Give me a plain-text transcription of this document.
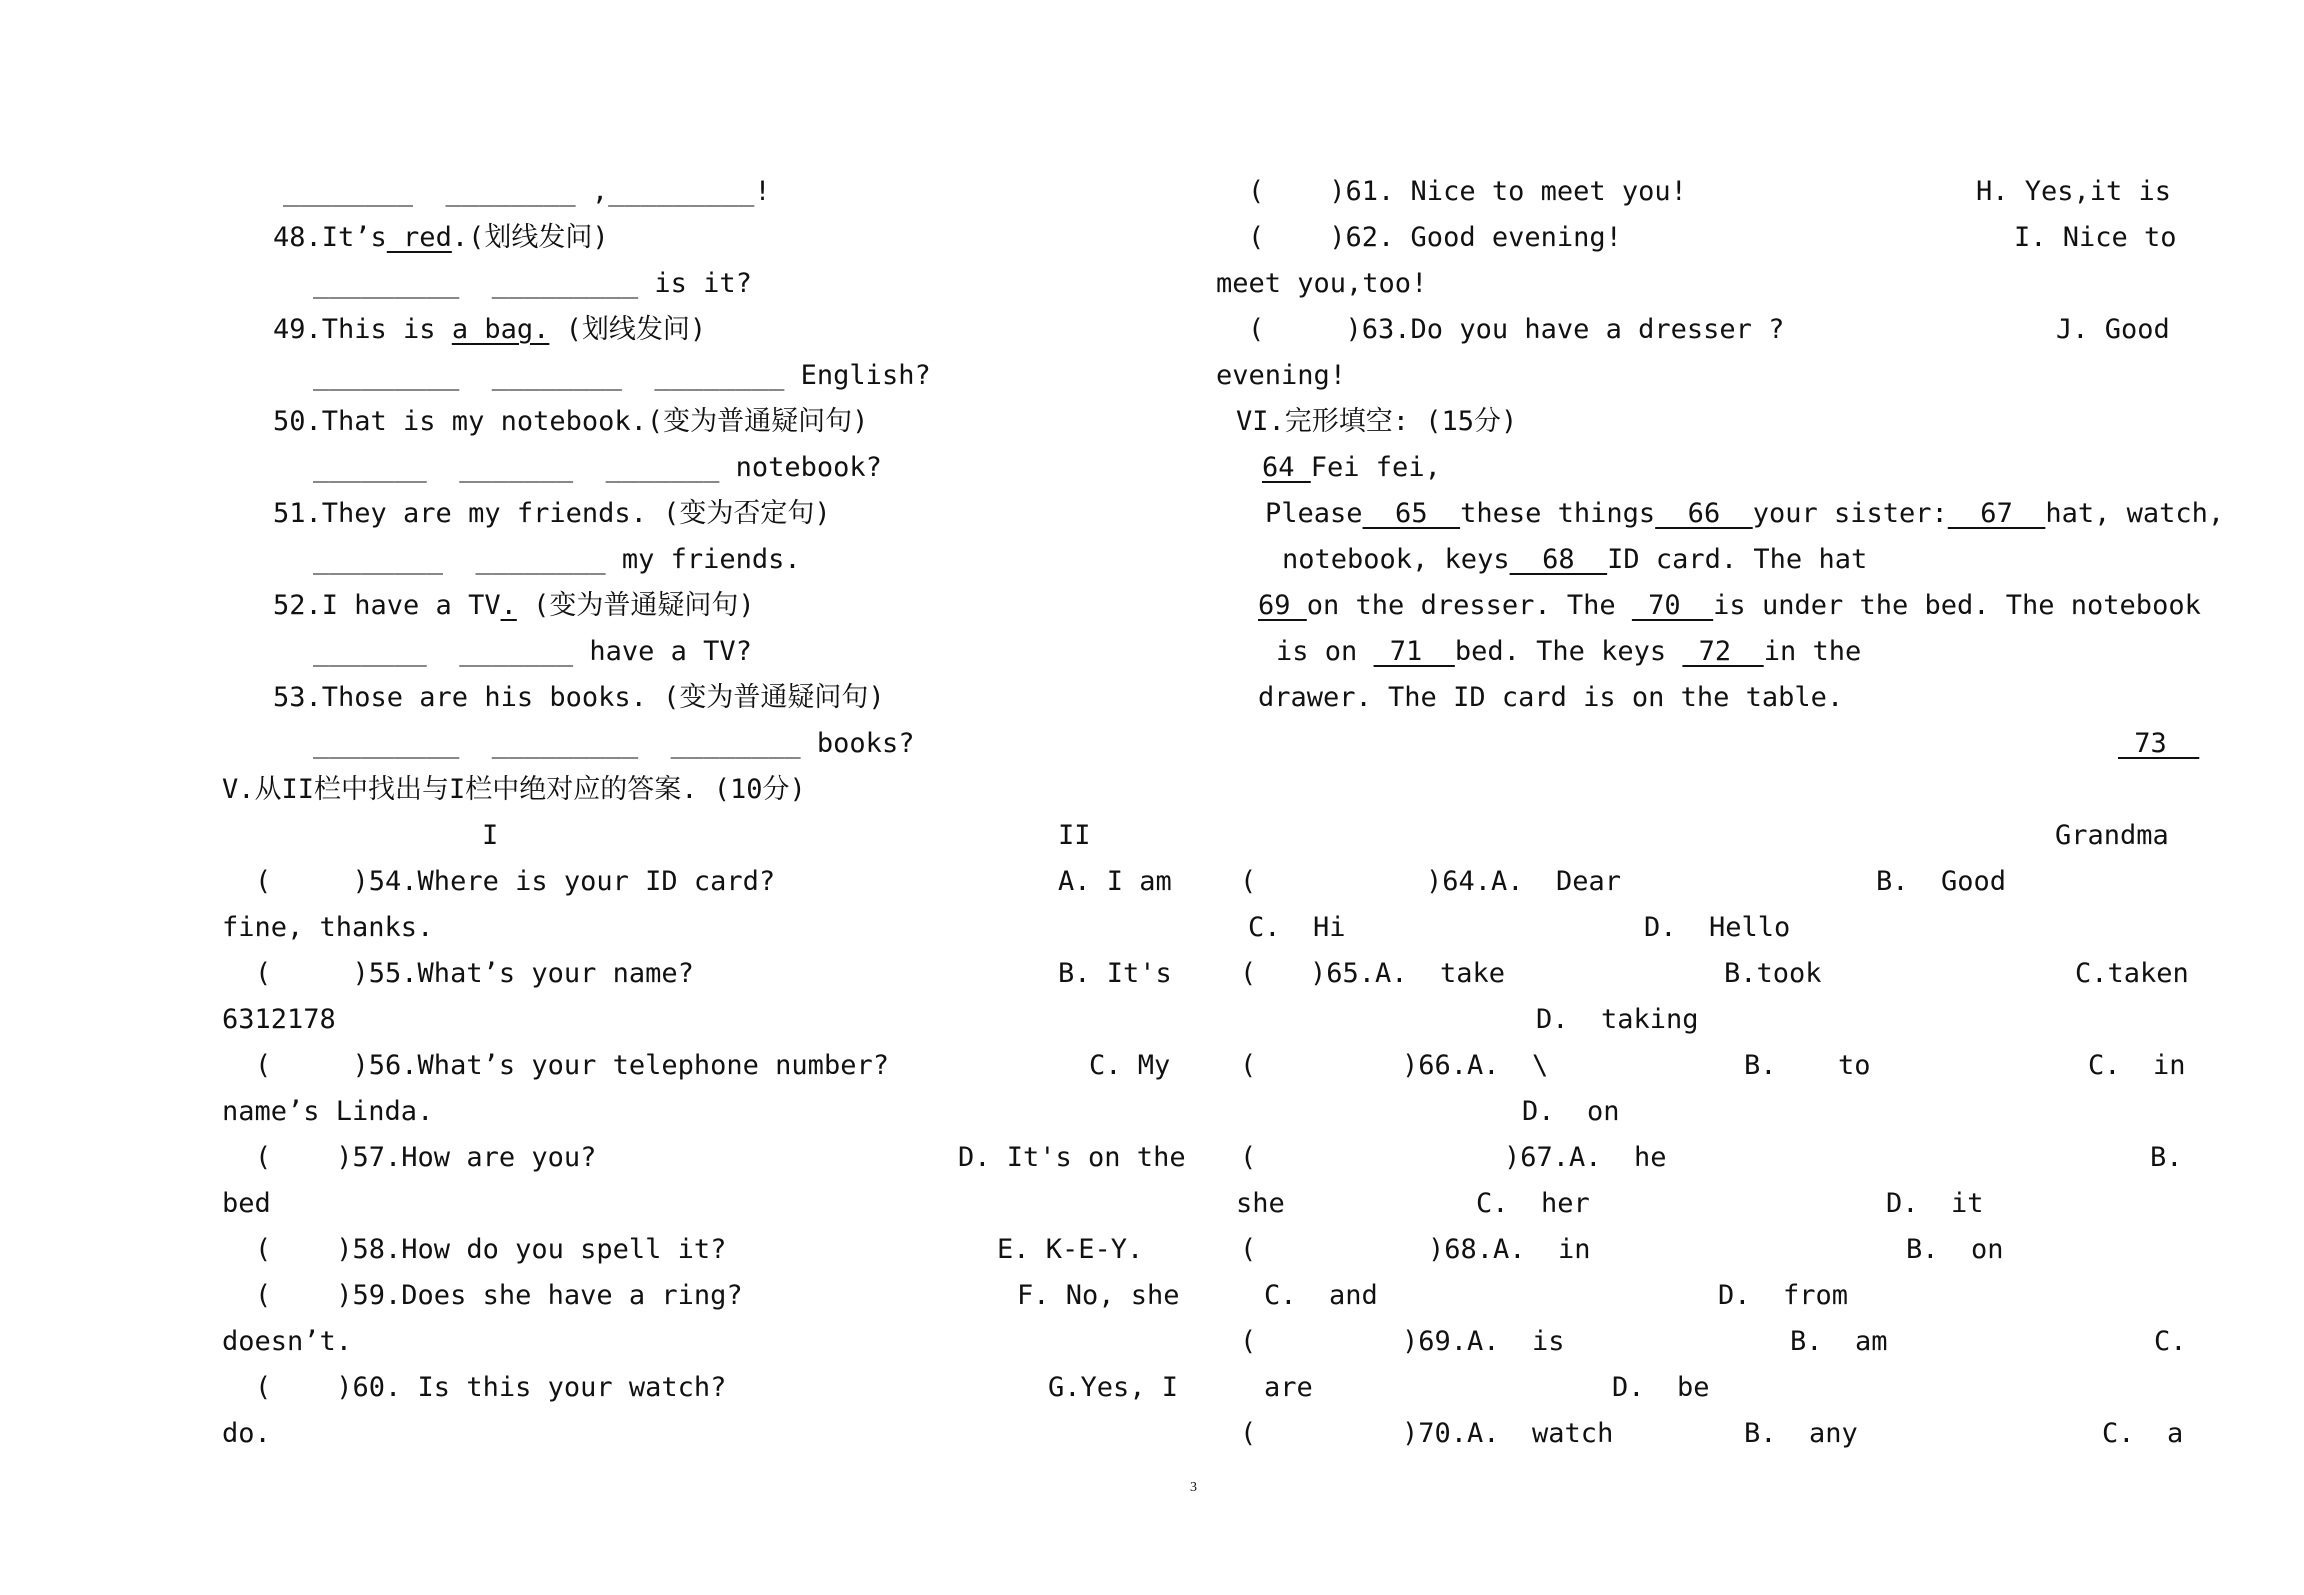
________  ________ ,_________!
48.It’s red.(划线发问)
_________  _________ is it?
49.This is a bag. (划线发问)
_________  ________  ________ English?
50.That is my notebook.(变为普通疑问句)
_______  _______  _______ notebook?
51.They are my friends. (变为否定句)
________  ________ my friends.
52.I have a TV. (变为普通疑问句)
_______  _______ have a TV?
53.Those are his books. (变为普通疑问句)
_________  _________  ________ books?
V.从II栏中找出与I栏中绝对应的答案. (10分)
I	II
(     )54.Where is your ID card?	A. I am
fine, thanks.
(     )55.What’s your name?	B. It's
6312178
(     )56.What’s your telephone number?	C. My
name’s Linda.
(    )57.How are you?	D. It's on the
bed
(    )58.How do you spell it?	E. K-E-Y.
(    )59.Does she have a ring?	F. No, she
doesn’t.
(    )60. Is this your watch?	G.Yes, I
do.
(    )61. Nice to meet you!	H. Yes,it is
(    )62. Good evening!	I. Nice to
meet you,too!
(     )63.Do you have a dresser ?	J. Good
evening!
VI.完形填空: (15分)
64 Fei fei,
Please  65  these things  66  your sister:  67  hat, watch,
notebook, keys  68  ID card. The hat
69 on the dresser. The  70  is under the bed. The notebook
is on  71  bed. The keys  72  in the
drawer. The ID card is on the table.
73
Grandma
(	)64.A.  Dear	B.  Good
C.  Hi	D.  Hello
( )65.A.  take	B.took	C.taken
D.  taking
(	)66.A.  \	B. to	C.  in
D.  on
(	)67.A.  he	B.
she	C.  her	D.  it
(	)68.A.  in	B.  on
C.  and	D.  from
(	)69.A.  is	B.  am	C.
are	D.  be
(	)70.A.  watch	B.  any	C.  a
3
